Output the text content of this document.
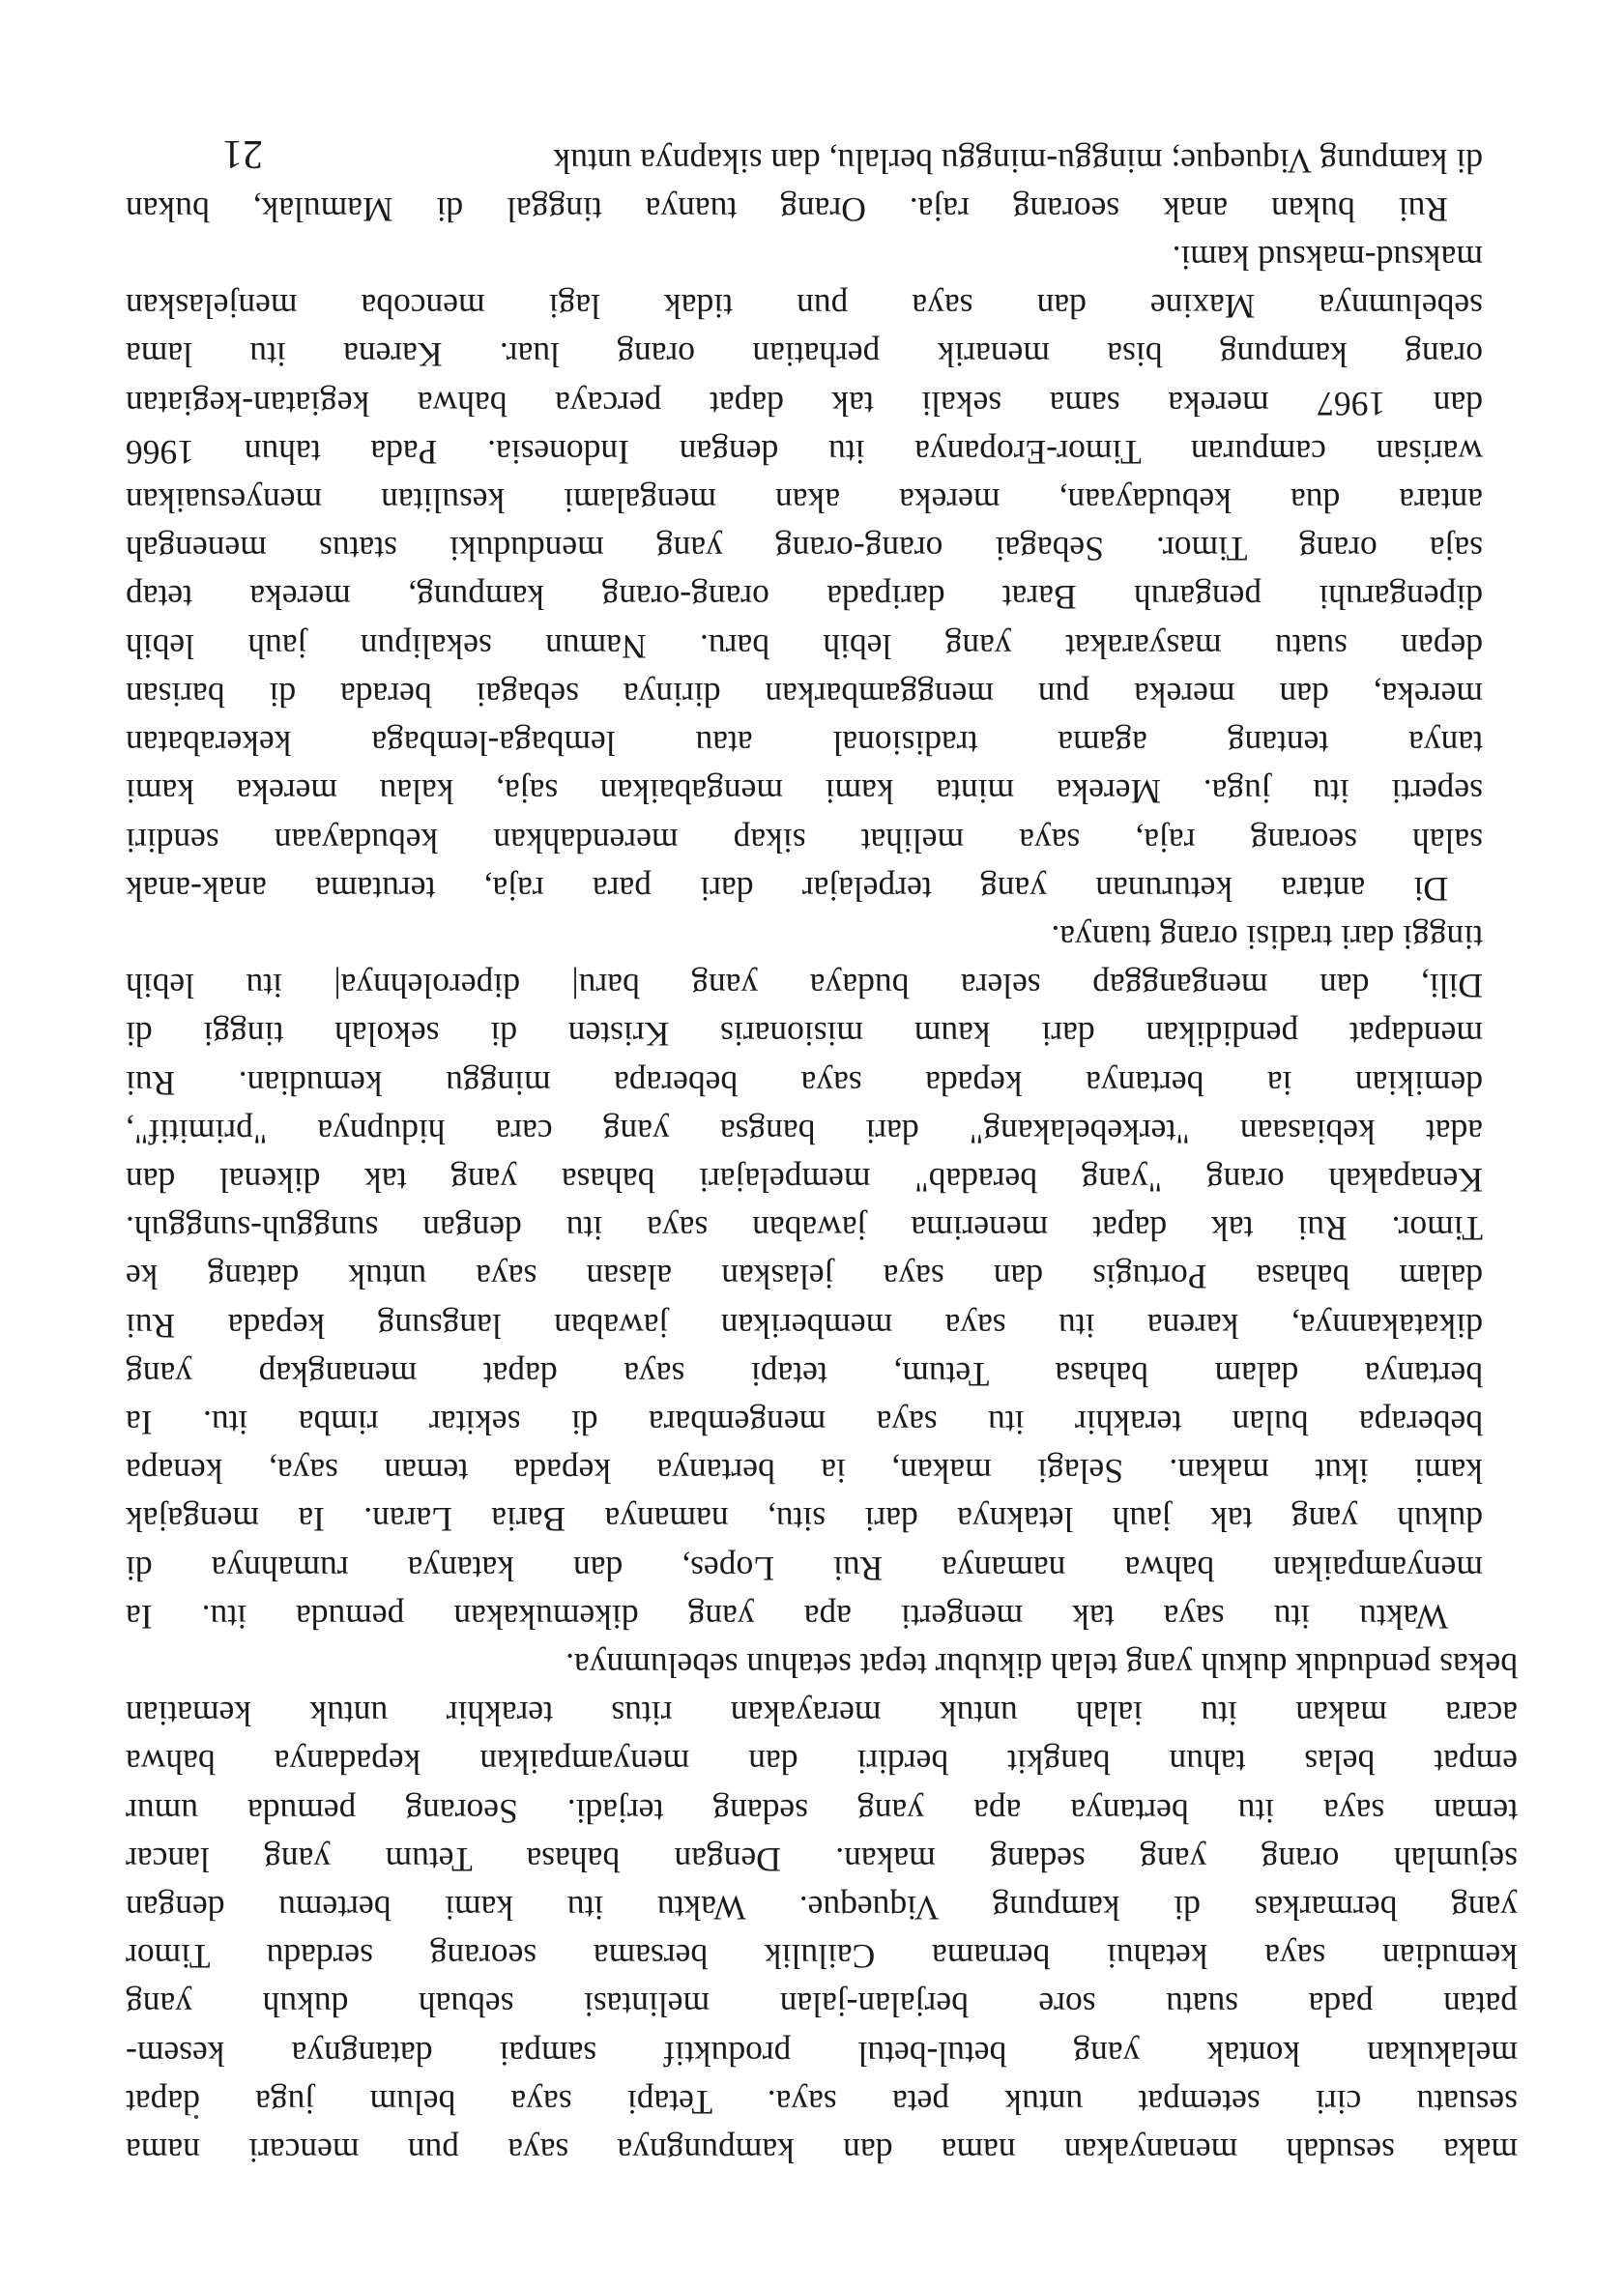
maka sesudah menanyakan nama dan kampungnya saya pun mencari nama
sesuatu ciri setempat untuk peta saya. Tetapi saya belum juga dapat
melakukan kontak yang betul-betul produktif sampai datangnya kesem-
patan pada suatu sore berjalan-jalan melintasi sebuah dukuh yang
kemudian saya ketahui bernama Cailulik bersama seorang serdadu Timor
yang bermarkas di kampung Viqueque. Waktu itu kami bertemu dengan
sejumlah orang yang sedang makan. Dengan bahasa Tetum yang lancar
teman saya itu bertanya apa yang sedang terjadi. Seorang pemuda umur
empat belas tahun bangkit berdiri dan menyampaikan kepadanya bahwa
acara makan itu ialah untuk merayakan ritus terakhir untuk kematian
bekas penduduk dukuh yang telah dikubur tepat setahun sebelumnya.
Waktu itu saya tak mengerti apa yang dikemukakan pemuda itu. Ia
menyampaikan bahwa namanya Rui Lopes, dan katanya rumahnya di
dukuh yang tak jauh letaknya dari situ, namanya Baria Laran. Ia mengajak
kami ikut makan. Selagi makan, ia bertanya kepada teman saya, kenapa
beberapa bulan terakhir itu saya mengembara di sekitar rimba itu. Ia
bertanya dalam bahasa Tetum, tetapi saya dapat menangkap yang
dikatakannya, karena itu saya memberikan jawaban langsung kepada Rui
dalam bahasa Portugis dan saya jelaskan alasan saya untuk datang ke
Timor. Rui tak dapat menerima jawaban saya itu dengan sungguh-sungguh.
Kenapakah orang "yang beradab" mempelajari bahasa yang tak dikenal dan
adat kebiasaan "terkebelakang" dari bangsa yang cara hidupnya "primitif",
demikian ia bertanya kepada saya beberapa minggu kemudian. Rui
mendapat pendidikan dari kaum misionaris Kristen di sekolah tinggi di
Dili, dan menganggap selera budaya yang baru| diperolehnya| itu lebih
tinggi dari tradisi orang tuanya.
Di antara keturunan yang terpelajar dari para raja, terutama anak-anak
salah seorang raja, saya melihat sikap merendahkan kebudayaan sendiri
seperti itu juga. Mereka minta kami mengabaikan saja, kalau mereka kami
tanya tentang agama tradisional atau lembaga-lembaga kekerabatan
mereka, dan mereka pun menggambarkan dirinya sebagai berada di barisan
depan suatu masyarakat yang lebih baru. Namun sekalipun jauh lebih
dipengaruhi pengaruh Barat daripada orang-orang kampung, mereka tetap
saja orang Timor. Sebagai orang-orang yang menduduki status menengah
antara dua kebudayaan, mereka akan mengalami kesulitan menyesuaikan
warisan campuran Timor-Eropanya itu dengan Indonesia. Pada tahun 1966
dan 1967 mereka sama sekali tak dapat percaya bahwa kegiatan-kegiatan
orang kampung bisa menarik perhatian orang luar. Karena itu lama
sebelumnya Maxine dan saya pun tidak lagi mencoba menjelaskan
maksud-maksud kami.
Rui bukan anak seorang raja. Orang tuanya tinggal di Mamulak, bukan
di kampung Viqueque; minggu-minggu berlalu, dan sikapnya untuk
21
